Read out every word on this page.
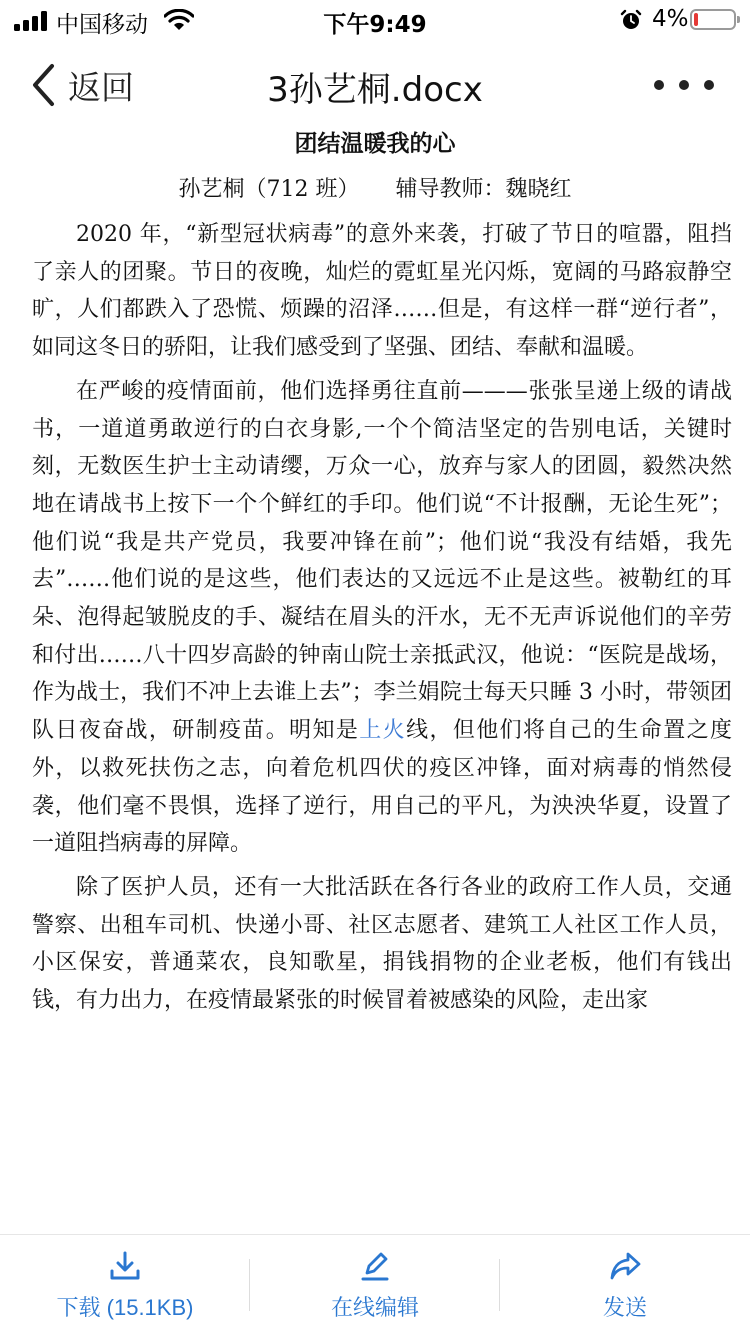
中国移动	下午9:49	4%
返回	3孙艺桐.docx
团结温暖我的心
孙艺桐（712 班） 辅导教师：魏晓红

2020 年，“新型冠状病毒”的意外来袭，打破了节日的喧嚣，阻挡了亲人的团聚。节日的夜晚，灿烂的霓虹星光闪烁，宽阔的马路寂静空旷，人们都跌入了恐慌、烦躁的沼泽……但是，有这样一群“逆行者”，如同这冬日的骄阳，让我们感受到了坚强、团结、奉献和温暖。

在严峻的疫情面前，他们选择勇往直前———张张呈递上级的请战书，一道道勇敢逆行的白衣身影,一个个简洁坚定的告别电话，关键时刻，无数医生护士主动请缨，万众一心，放弃与家人的团圆，毅然决然地在请战书上按下一个个鲜红的手印。他们说“不计报酬，无论生死”；他们说“我是共产党员，我要冲锋在前”；他们说“我没有结婚，我先去”……他们说的是这些，他们表达的又远远不止是这些。被勒红的耳朵、泡得起皱脱皮的手、凝结在眉头的汗水，无不无声诉说他们的辛劳和付出……八十四岁高龄的钟南山院士亲抵武汉，他说：“医院是战场，作为战士，我们不冲上去谁上去”；李兰娟院士每天只睡 3 小时，带领团队日夜奋战，研制疫苗。明知是上火线，但他们将自己的生命置之度外，以救死扶伤之志，向着危机四伏的疫区冲锋，面对病毒的悄然侵袭，他们毫不畏惧，选择了逆行，用自己的平凡，为泱泱华夏，设置了一道阻挡病毒的屏障。

除了医护人员，还有一大批活跃在各行各业的政府工作人员，交通警察、出租车司机、快递小哥、社区志愿者、建筑工人社区工作人员，小区保安，普通菜农，良知歌星，捐钱捐物的企业老板，他们有钱出钱，有力出力，在疫情最紧张的时候冒着被感染的风险，走出家

下载 (15.1KB)	在线编辑	发送
